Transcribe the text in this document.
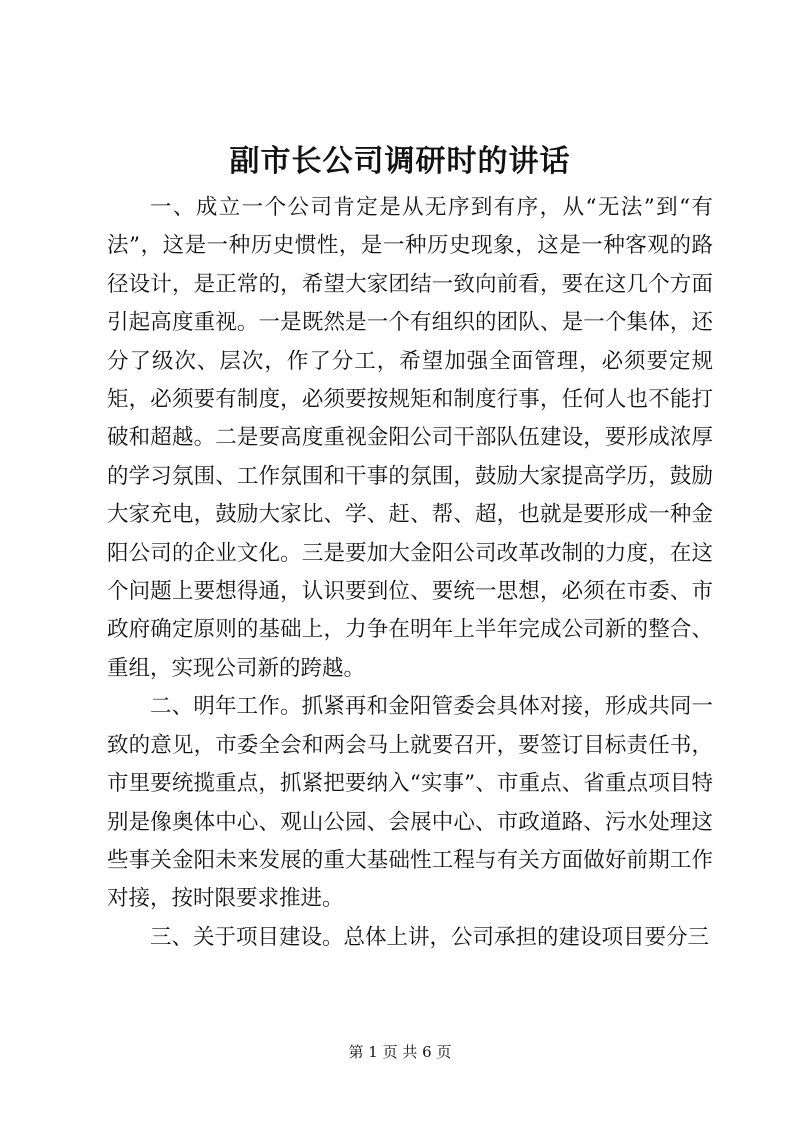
副市长公司调研时的讲话

一、成立一个公司肯定是从无序到有序，从“无法”到“有法”，这是一种历史惯性，是一种历史现象，这是一种客观的路径设计，是正常的，希望大家团结一致向前看，要在这几个方面引起高度重视。一是既然是一个有组织的团队、是一个集体，还分了级次、层次，作了分工，希望加强全面管理，必须要定规矩，必须要有制度，必须要按规矩和制度行事，任何人也不能打破和超越。二是要高度重视金阳公司干部队伍建设，要形成浓厚的学习氛围、工作氛围和干事的氛围，鼓励大家提高学历，鼓励大家充电，鼓励大家比、学、赶、帮、超，也就是要形成一种金阳公司的企业文化。三是要加大金阳公司改革改制的力度，在这个问题上要想得通，认识要到位、要统一思想，必须在市委、市政府确定原则的基础上，力争在明年上半年完成公司新的整合、重组，实现公司新的跨越。

二、明年工作。抓紧再和金阳管委会具体对接，形成共同一致的意见，市委全会和两会马上就要召开，要签订目标责任书，市里要统揽重点，抓紧把要纳入“实事”、市重点、省重点项目特别是像奥体中心、观山公园、会展中心、市政道路、污水处理这些事关金阳未来发展的重大基础性工程与有关方面做好前期工作对接，按时限要求推进。

三、关于项目建设。总体上讲，公司承担的建设项目要分三

第 1 页 共 6 页
